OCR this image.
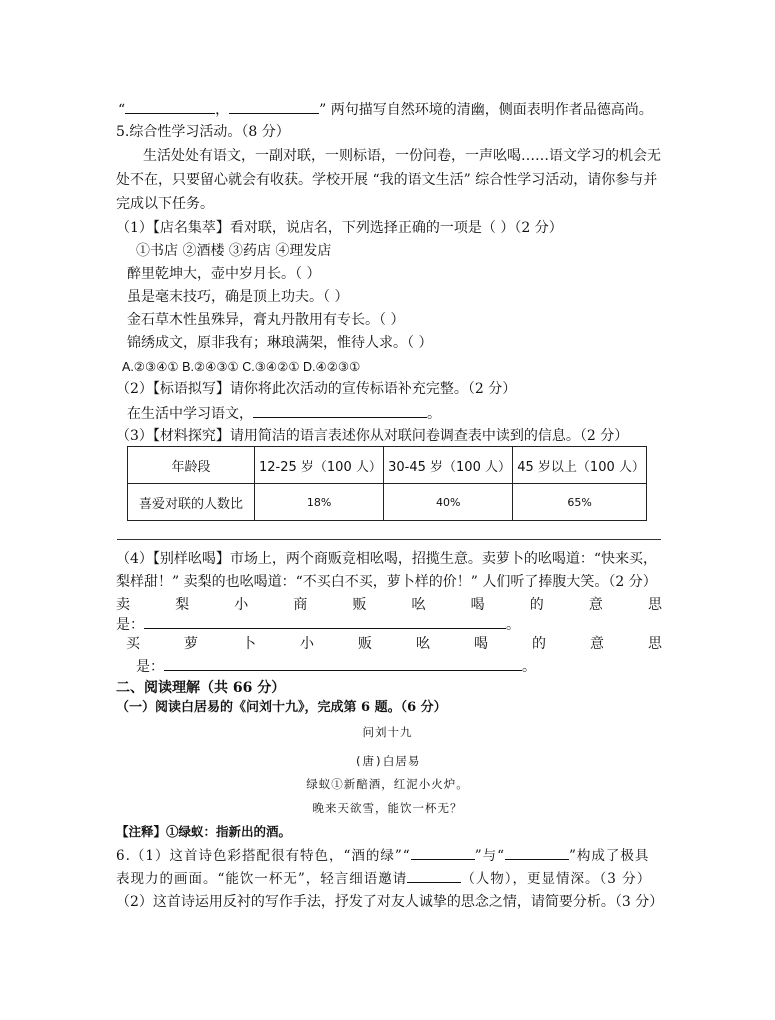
“	，	” 两句描写自然环境的清幽，侧面表明作者品德高尚。
5.综合性学习活动。（8 分）
生活处处有语文，一副对联，一则标语，一份问卷，一声吆喝……语文学习的机会无
处不在，只要留心就会有收获。学校开展 “我的语文生活” 综合性学习活动，请你参与并
完成以下任务。
（1）【店名集萃】看对联，说店名，下列选择正确的一项是（ ）（2 分）
①书店 ②酒楼 ③药店 ④理发店
醉里乾坤大，壶中岁月长。（ ）
虽是毫末技巧，确是顶上功夫。（ ）
金石草木性虽殊异，膏丸丹散用有专长。（ ）
锦绣成文，原非我有；琳琅满架，惟待人求。（ ）
A.②③④① B.②④③① C.③④②① D.④②③①
（2）【标语拟写】请你将此次活动的宣传标语补充完整。（2 分）
在生活中学习语文，	。
（3）【材料探究】请用简洁的语言表述你从对联问卷调查表中读到的信息。（2 分）
年龄段	12-25 岁（100 人）	30-45 岁（100 人）	45 岁以上（100 人）
喜爱对联的人数比	18%	40%	65%
（4）【别样吆喝】市场上，两个商贩竞相吆喝，招揽生意。卖萝卜的吆喝道：“快来买，
梨样甜！” 卖梨的也吆喝道：“不买白不买，萝卜样的价！” 人们听了捧腹大笑。（2 分）
卖	梨	小	商	贩	吆	喝	的	意	思
是：	。
买	萝	卜	小	贩	吆	喝	的	意	思
是：	。
二、阅读理解（共 66 分）
（一）阅读白居易的《问刘十九》，完成第 6 题。（6 分）
问刘十九
(唐)白居易
绿蚁①新醅酒，红泥小火炉。
晚来天欲雪，能饮一杯无？
【注释】①绿蚁：指新出的酒。
6.（1）这首诗色彩搭配很有特色，“酒的绿”“	”与“	”构成了极具
表现力的画面。“能饮一杯无”，轻言细语邀请	（人物），更显情深。（3 分）
（2）这首诗运用反衬的写作手法，抒发了对友人诚挚的思念之情，请简要分析。（3 分）
